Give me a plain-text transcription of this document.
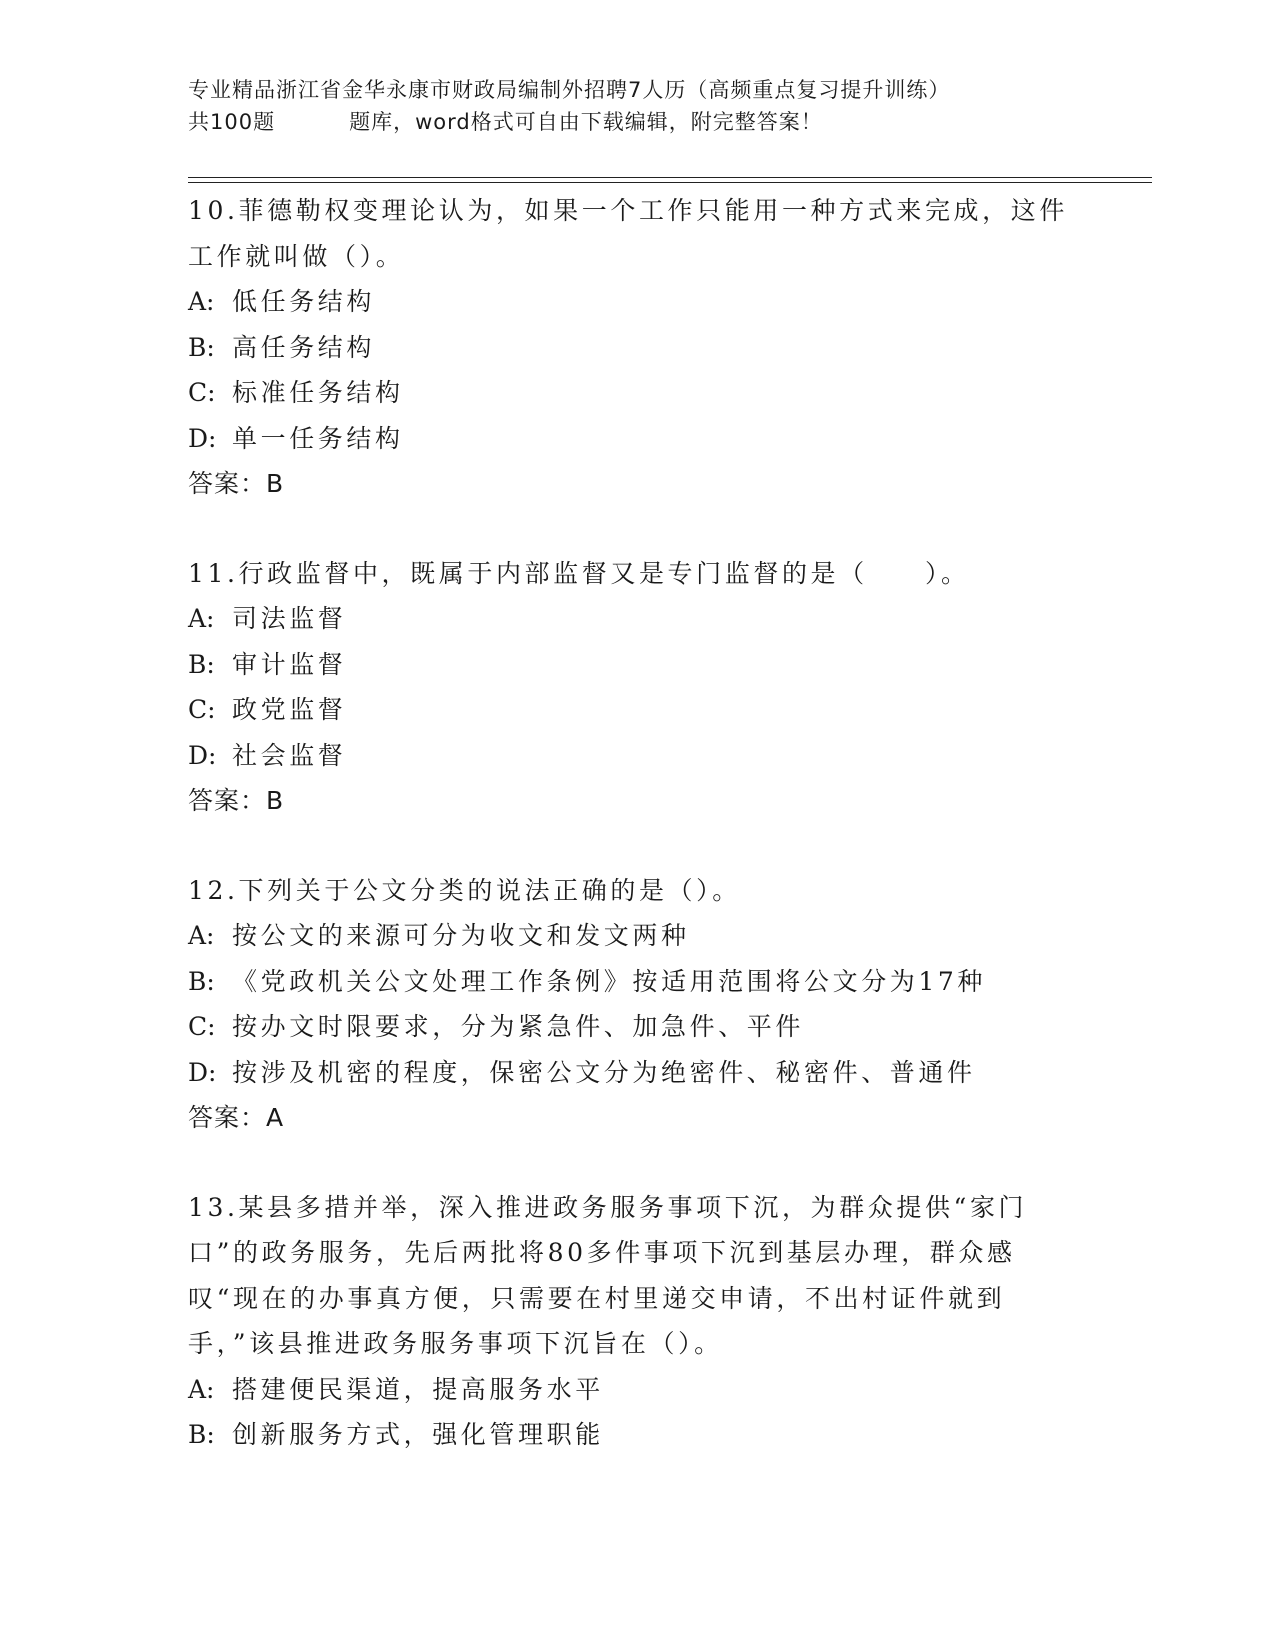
专业精品浙江省金华永康市财政局编制外招聘7人历（高频重点复习提升训练）
共100题	题库，word格式可自由下载编辑，附完整答案！
10.菲德勒权变理论认为，如果一个工作只能用一种方式来完成，这件工作就叫做（）。
A: 低任务结构
B: 高任务结构
C: 标准任务结构
D: 单一任务结构
答案：B
11.行政监督中，既属于内部监督又是专门监督的是（　　）。
A: 司法监督
B: 审计监督
C: 政党监督
D: 社会监督
答案：B
12.下列关于公文分类的说法正确的是（）。
A: 按公文的来源可分为收文和发文两种
B: 《党政机关公文处理工作条例》按适用范围将公文分为17种
C: 按办文时限要求，分为紧急件、加急件、平件
D: 按涉及机密的程度，保密公文分为绝密件、秘密件、普通件
答案：A
13.某县多措并举，深入推进政务服务事项下沉，为群众提供“家门口”的政务服务，先后两批将80多件事项下沉到基层办理，群众感叹“现在的办事真方便，只需要在村里递交申请，不出村证件就到手，”该县推进政务服务事项下沉旨在（）。
A: 搭建便民渠道，提高服务水平
B: 创新服务方式，强化管理职能
